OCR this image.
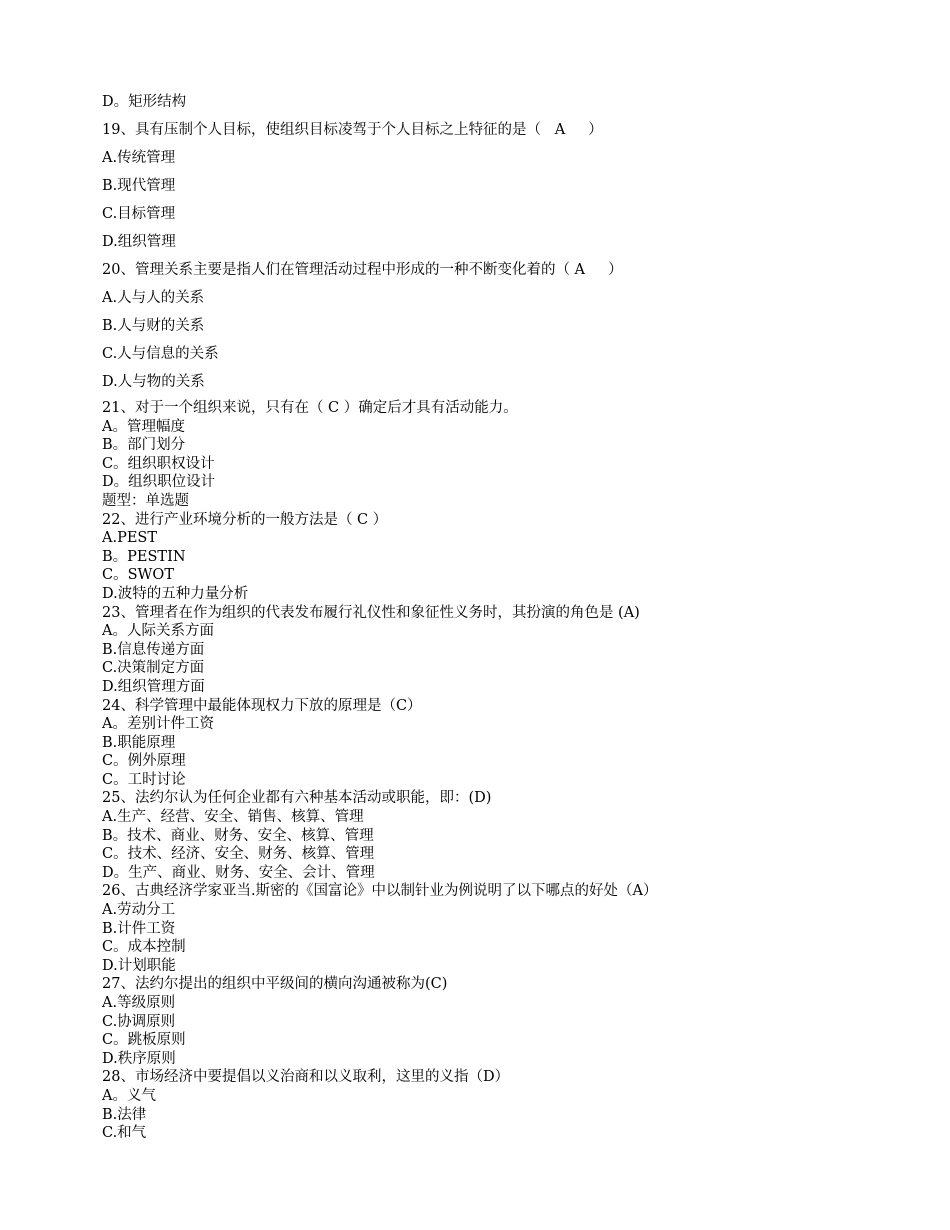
D。矩形结构
19、具有压制个人目标，使组织目标凌驾于个人目标之上特征的是（   A     ）
A.传统管理
B.现代管理
C.目标管理
D.组织管理
20、管理关系主要是指人们在管理活动过程中形成的一种不断变化着的（ A     ）
A.人与人的关系
B.人与财的关系
C.人与信息的关系
D.人与物的关系
21、对于一个组织来说，只有在（ C ）确定后才具有活动能力。
A。管理幅度
B。部门划分
C。组织职权设计
D。组织职位设计
题型：单选题
22、进行产业环境分析的一般方法是（ C ）
A.PEST
B。PESTIN
C。SWOT
D.波特的五种力量分析
23、管理者在作为组织的代表发布履行礼仪性和象征性义务时，其扮演的角色是 (A)
A。人际关系方面
B.信息传递方面
C.决策制定方面
D.组织管理方面
24、科学管理中最能体现权力下放的原理是（C）
A。差别计件工资
B.职能原理
C。例外原理
C。工时讨论
25、法约尔认为任何企业都有六种基本活动或职能，即：(D)
A.生产、经营、安全、销售、核算、管理
B。技术、商业、财务、安全、核算、管理
C。技术、经济、安全、财务、核算、管理
D。生产、商业、财务、安全、会计、管理
26、古典经济学家亚当.斯密的《国富论》中以制针业为例说明了以下哪点的好处（A）
A.劳动分工
B.计件工资
C。成本控制
D.计划职能
27、法约尔提出的组织中平级间的横向沟通被称为(C)
A.等级原则
C.协调原则
C。跳板原则
D.秩序原则
28、市场经济中要提倡以义治商和以义取利，这里的义指（D）
A。义气
B.法律
C.和气
